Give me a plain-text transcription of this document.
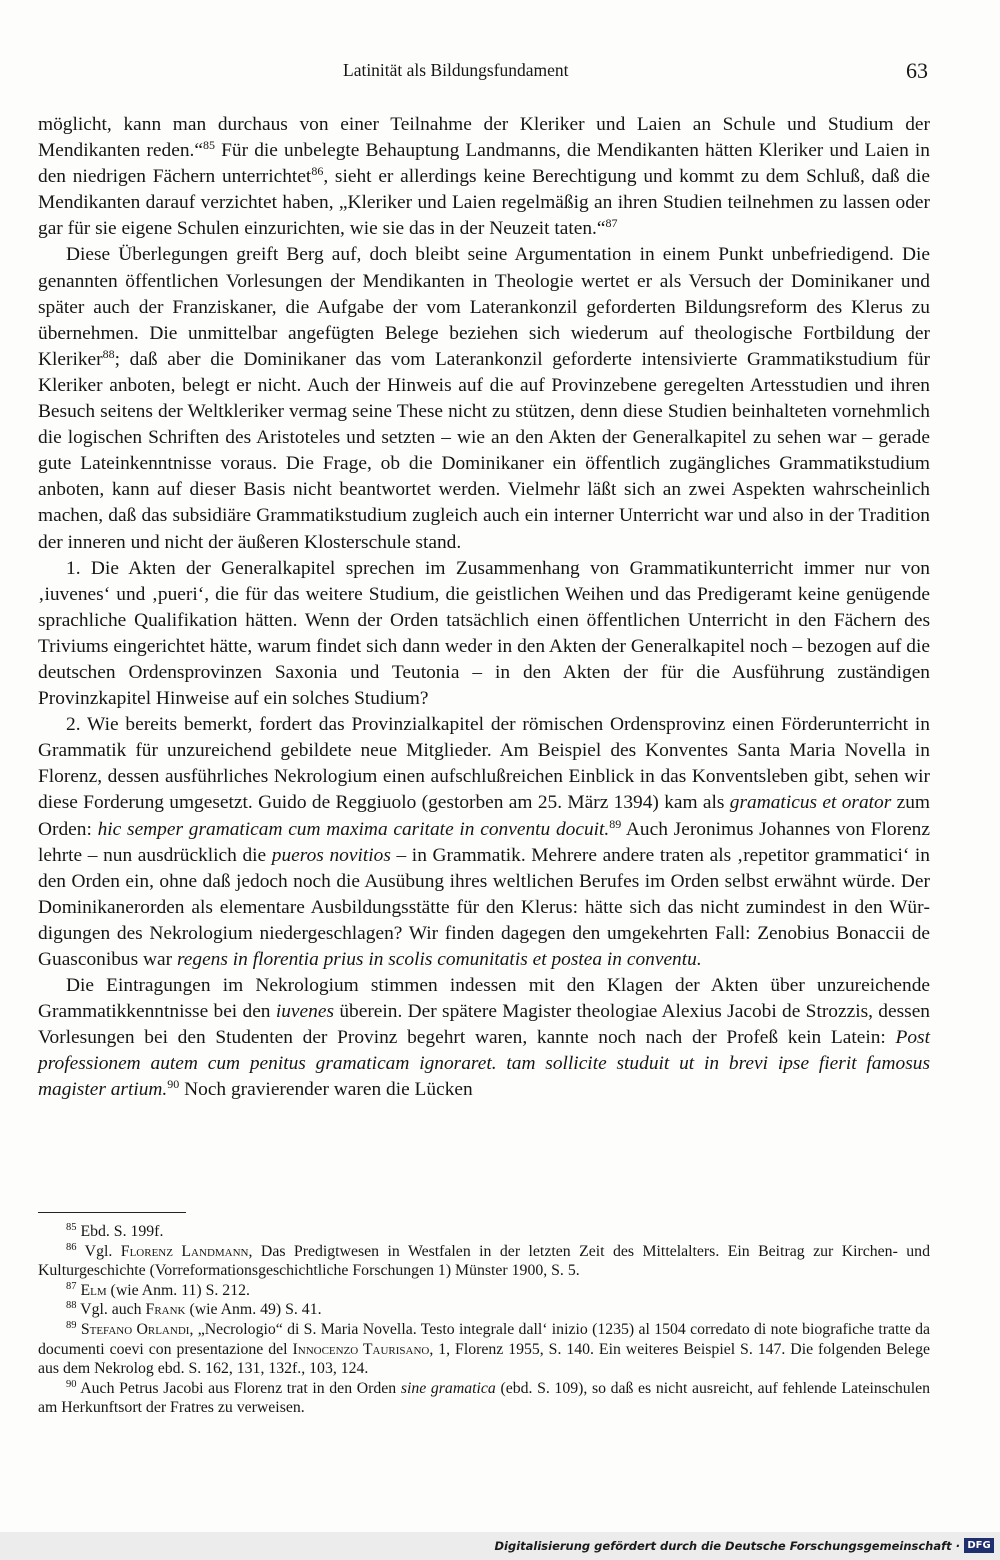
Latinität als Bildungsfundament	63

möglicht, kann man durchaus von einer Teilnahme der Kleriker und Laien an Schule und Studium der Mendikanten reden.“$^{85}$ Für die unbelegte Behauptung Landmanns, die Mendikanten hätten Kleriker und Laien in den niedrigen Fächern unterrichtet$^{86}$, sieht er allerdings keine Berechtigung und kommt zu dem Schluß, daß die Mendikanten darauf verzichtet haben, „Kleriker und Laien regelmäßig an ihren Studien teilnehmen zu lassen oder gar für sie eigene Schulen einzurichten, wie sie das in der Neuzeit taten.“$^{87}$

Diese Überlegungen greift Berg auf, doch bleibt seine Argumentation in einem Punkt unbefriedigend. Die genannten öffentlichen Vorlesungen der Mendikanten in Theologie wertet er als Versuch der Dominikaner und später auch der Franziskaner, die Aufgabe der vom Laterankonzil geforderten Bildungsreform des Klerus zu übernehmen. Die unmittelbar angefügten Belege beziehen sich wiederum auf theologische Fortbildung der Kleriker$^{88}$; daß aber die Dominikaner das vom Laterankonzil geforderte intensivierte Grammatikstudium für Kleriker anboten, belegt er nicht. Auch der Hinweis auf die auf Provinzebene geregelten Artesstudien und ihren Besuch seitens der Weltkleriker vermag seine These nicht zu stützen, denn diese Studien beinhalteten vornehmlich die logischen Schriften des Aristoteles und setzten – wie an den Akten der Generalkapitel zu sehen war – gerade gute Lateinkenntnisse voraus. Die Frage, ob die Dominikaner ein öffentlich zugängliches Grammatikstudium anboten, kann auf dieser Basis nicht beantwortet werden. Vielmehr läßt sich an zwei Aspekten wahrscheinlich machen, daß das subsidiäre Grammatikstudium zugleich auch ein interner Unterricht war und also in der Tradition der inneren und nicht der äußeren Klosterschule stand.

1. Die Akten der Generalkapitel sprechen im Zusammenhang von Grammatikunterricht immer nur von ‚iuvenes‘ und ‚pueri‘, die für das weitere Studium, die geistlichen Weihen und das Predigeramt keine genügende sprachliche Qualifikation hätten. Wenn der Orden tatsächlich einen öffentlichen Unterricht in den Fächern des Triviums eingerichtet hätte, warum findet sich dann weder in den Akten der Generalkapitel noch – bezogen auf die deutschen Ordensprovinzen Saxonia und Teutonia – in den Akten der für die Ausführung zuständigen Provinzkapitel Hinweise auf ein solches Studium?

2. Wie bereits bemerkt, fordert das Provinzialkapitel der römischen Ordensprovinz einen Förderunterricht in Grammatik für unzureichend gebildete neue Mitglieder. Am Beispiel des Konventes Santa Maria Novella in Florenz, dessen ausführliches Nekrologium einen aufschlußreichen Einblick in das Konventsleben gibt, sehen wir diese Forderung umgesetzt. Guido de Reggiuolo (gestorben am 25. März 1394) kam als gramaticus et orator zum Orden: hic semper gramaticam cum maxima caritate in conventu docuit.$^{89}$ Auch Jeronimus Johannes von Florenz lehrte – nun ausdrücklich die pueros novitios – in Grammatik. Mehrere andere traten als ‚repetitor grammatici‘ in den Orden ein, ohne daß jedoch noch die Ausübung ihres weltlichen Berufes im Orden selbst erwähnt würde. Der Dominikanerorden als elementare Ausbildungsstätte für den Klerus: hätte sich das nicht zumindest in den Würdigungen des Nekrologium niedergeschlagen? Wir finden dagegen den umgekehrten Fall: Zenobius Bonaccii de Guasconibus war regens in florentia prius in scolis comunitatis et postea in conventu.

Die Eintragungen im Nekrologium stimmen indessen mit den Klagen der Akten über unzureichende Grammatikkenntnisse bei den iuvenes überein. Der spätere Magister theologiae Alexius Jacobi de Strozzis, dessen Vorlesungen bei den Studenten der Provinz begehrt waren, kannte noch nach der Profeß kein Latein: Post professionem autem cum penitus gramaticam ignoraret. tam sollicite studuit ut in brevi ipse fierit famosus magister artium.$^{90}$ Noch gravierender waren die Lücken

$^{85}$ Ebd. S. 199f.

$^{86}$ Vgl. Florenz Landmann, Das Predigtwesen in Westfalen in der letzten Zeit des Mittelalters. Ein Beitrag zur Kirchen- und Kulturgeschichte (Vorreformationsgeschichtliche Forschungen 1) Münster 1900, S. 5.

$^{87}$ Elm (wie Anm. 11) S. 212.

$^{88}$ Vgl. auch Frank (wie Anm. 49) S. 41.

$^{89}$ Stefano Orlandi, „Necrologio“ di S. Maria Novella. Testo integrale dall‘ inizio (1235) al 1504 corredato di note biografiche tratte da documenti coevi con presentazione del Innocenzo Taurisano, 1, Florenz 1955, S. 140. Ein weiteres Beispiel S. 147. Die folgenden Belege aus dem Nekrolog ebd. S. 162, 131, 132f., 103, 124.

$^{90}$ Auch Petrus Jacobi aus Florenz trat in den Orden sine gramatica (ebd. S. 109), so daß es nicht ausreicht, auf fehlende Lateinschulen am Herkunftsort der Fratres zu verweisen.

Digitalisierung gefördert durch die Deutsche Forschungsgemeinschaft · DFG
